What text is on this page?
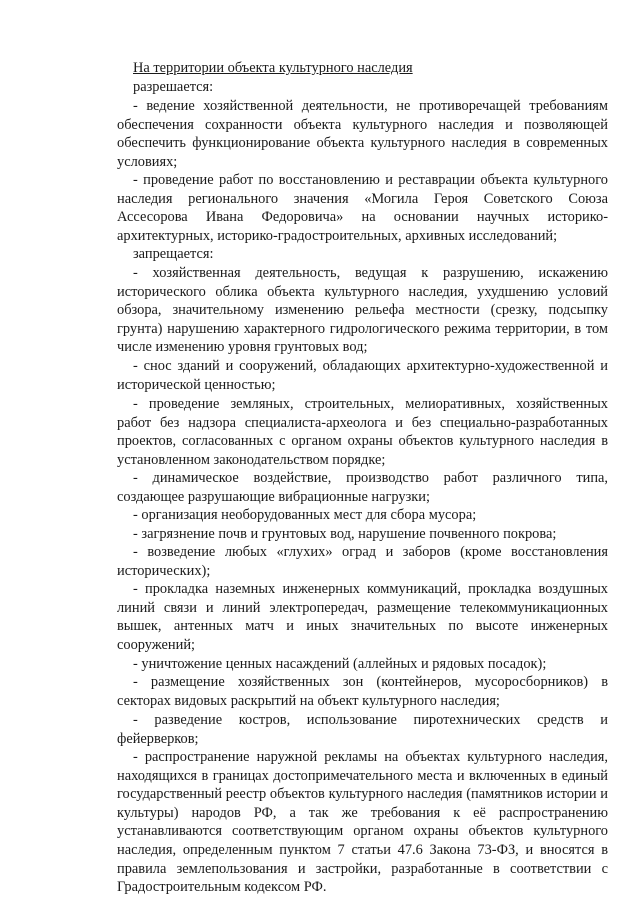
На территории объекта культурного наследия
разрешается:

- ведение хозяйственной деятельности, не противоречащей требованиям обеспечения сохранности объекта культурного наследия и позволяющей обеспечить функционирование объекта культурного наследия в современных условиях;

- проведение работ по восстановлению и реставрации объекта культурного наследия регионального значения «Могила Героя Советского Союза Ассесорова Ивана Федоровича» на основании научных историко-архитектурных, историко-градостроительных, архивных исследований;

запрещается:

- хозяйственная деятельность, ведущая к разрушению, искажению исторического облика объекта культурного наследия, ухудшению условий обзора, значительному изменению рельефа местности (срезку, подсыпку грунта) нарушению характерного гидрологического режима территории, в том числе изменению уровня грунтовых вод;

- снос зданий и сооружений, обладающих архитектурно-художественной и исторической ценностью;

- проведение земляных, строительных, мелиоративных, хозяйственных работ без надзора специалиста-археолога и без специально-разработанных проектов, согласованных с органом охраны объектов культурного наследия в установленном законодательством порядке;

- динамическое воздействие, производство работ различного типа, создающее разрушающие вибрационные нагрузки;

- организация необорудованных мест для сбора мусора;

- загрязнение почв и грунтовых вод, нарушение почвенного покрова;

- возведение любых «глухих» оград и заборов (кроме восстановления исторических);

- прокладка наземных инженерных коммуникаций, прокладка воздушных линий связи и линий электропередач, размещение телекоммуникационных вышек, антенных матч и иных значительных по высоте инженерных сооружений;

- уничтожение ценных насаждений (аллейных и рядовых посадок);

- размещение хозяйственных зон (контейнеров, мусоросборников) в секторах видовых раскрытий на объект культурного наследия;

- разведение костров, использование пиротехнических средств и фейерверков;

- распространение наружной рекламы на объектах культурного наследия, находящихся в границах достопримечательного места и включенных в единый государственный реестр объектов культурного наследия (памятников истории и культуры) народов РФ, а так же требования к её распространению устанавливаются соответствующим органом охраны объектов культурного наследия, определенным пунктом 7 статьи 47.6 Закона 73-ФЗ, и вносятся в правила землепользования и застройки, разработанные в соответствии с Градостроительным кодексом РФ.
